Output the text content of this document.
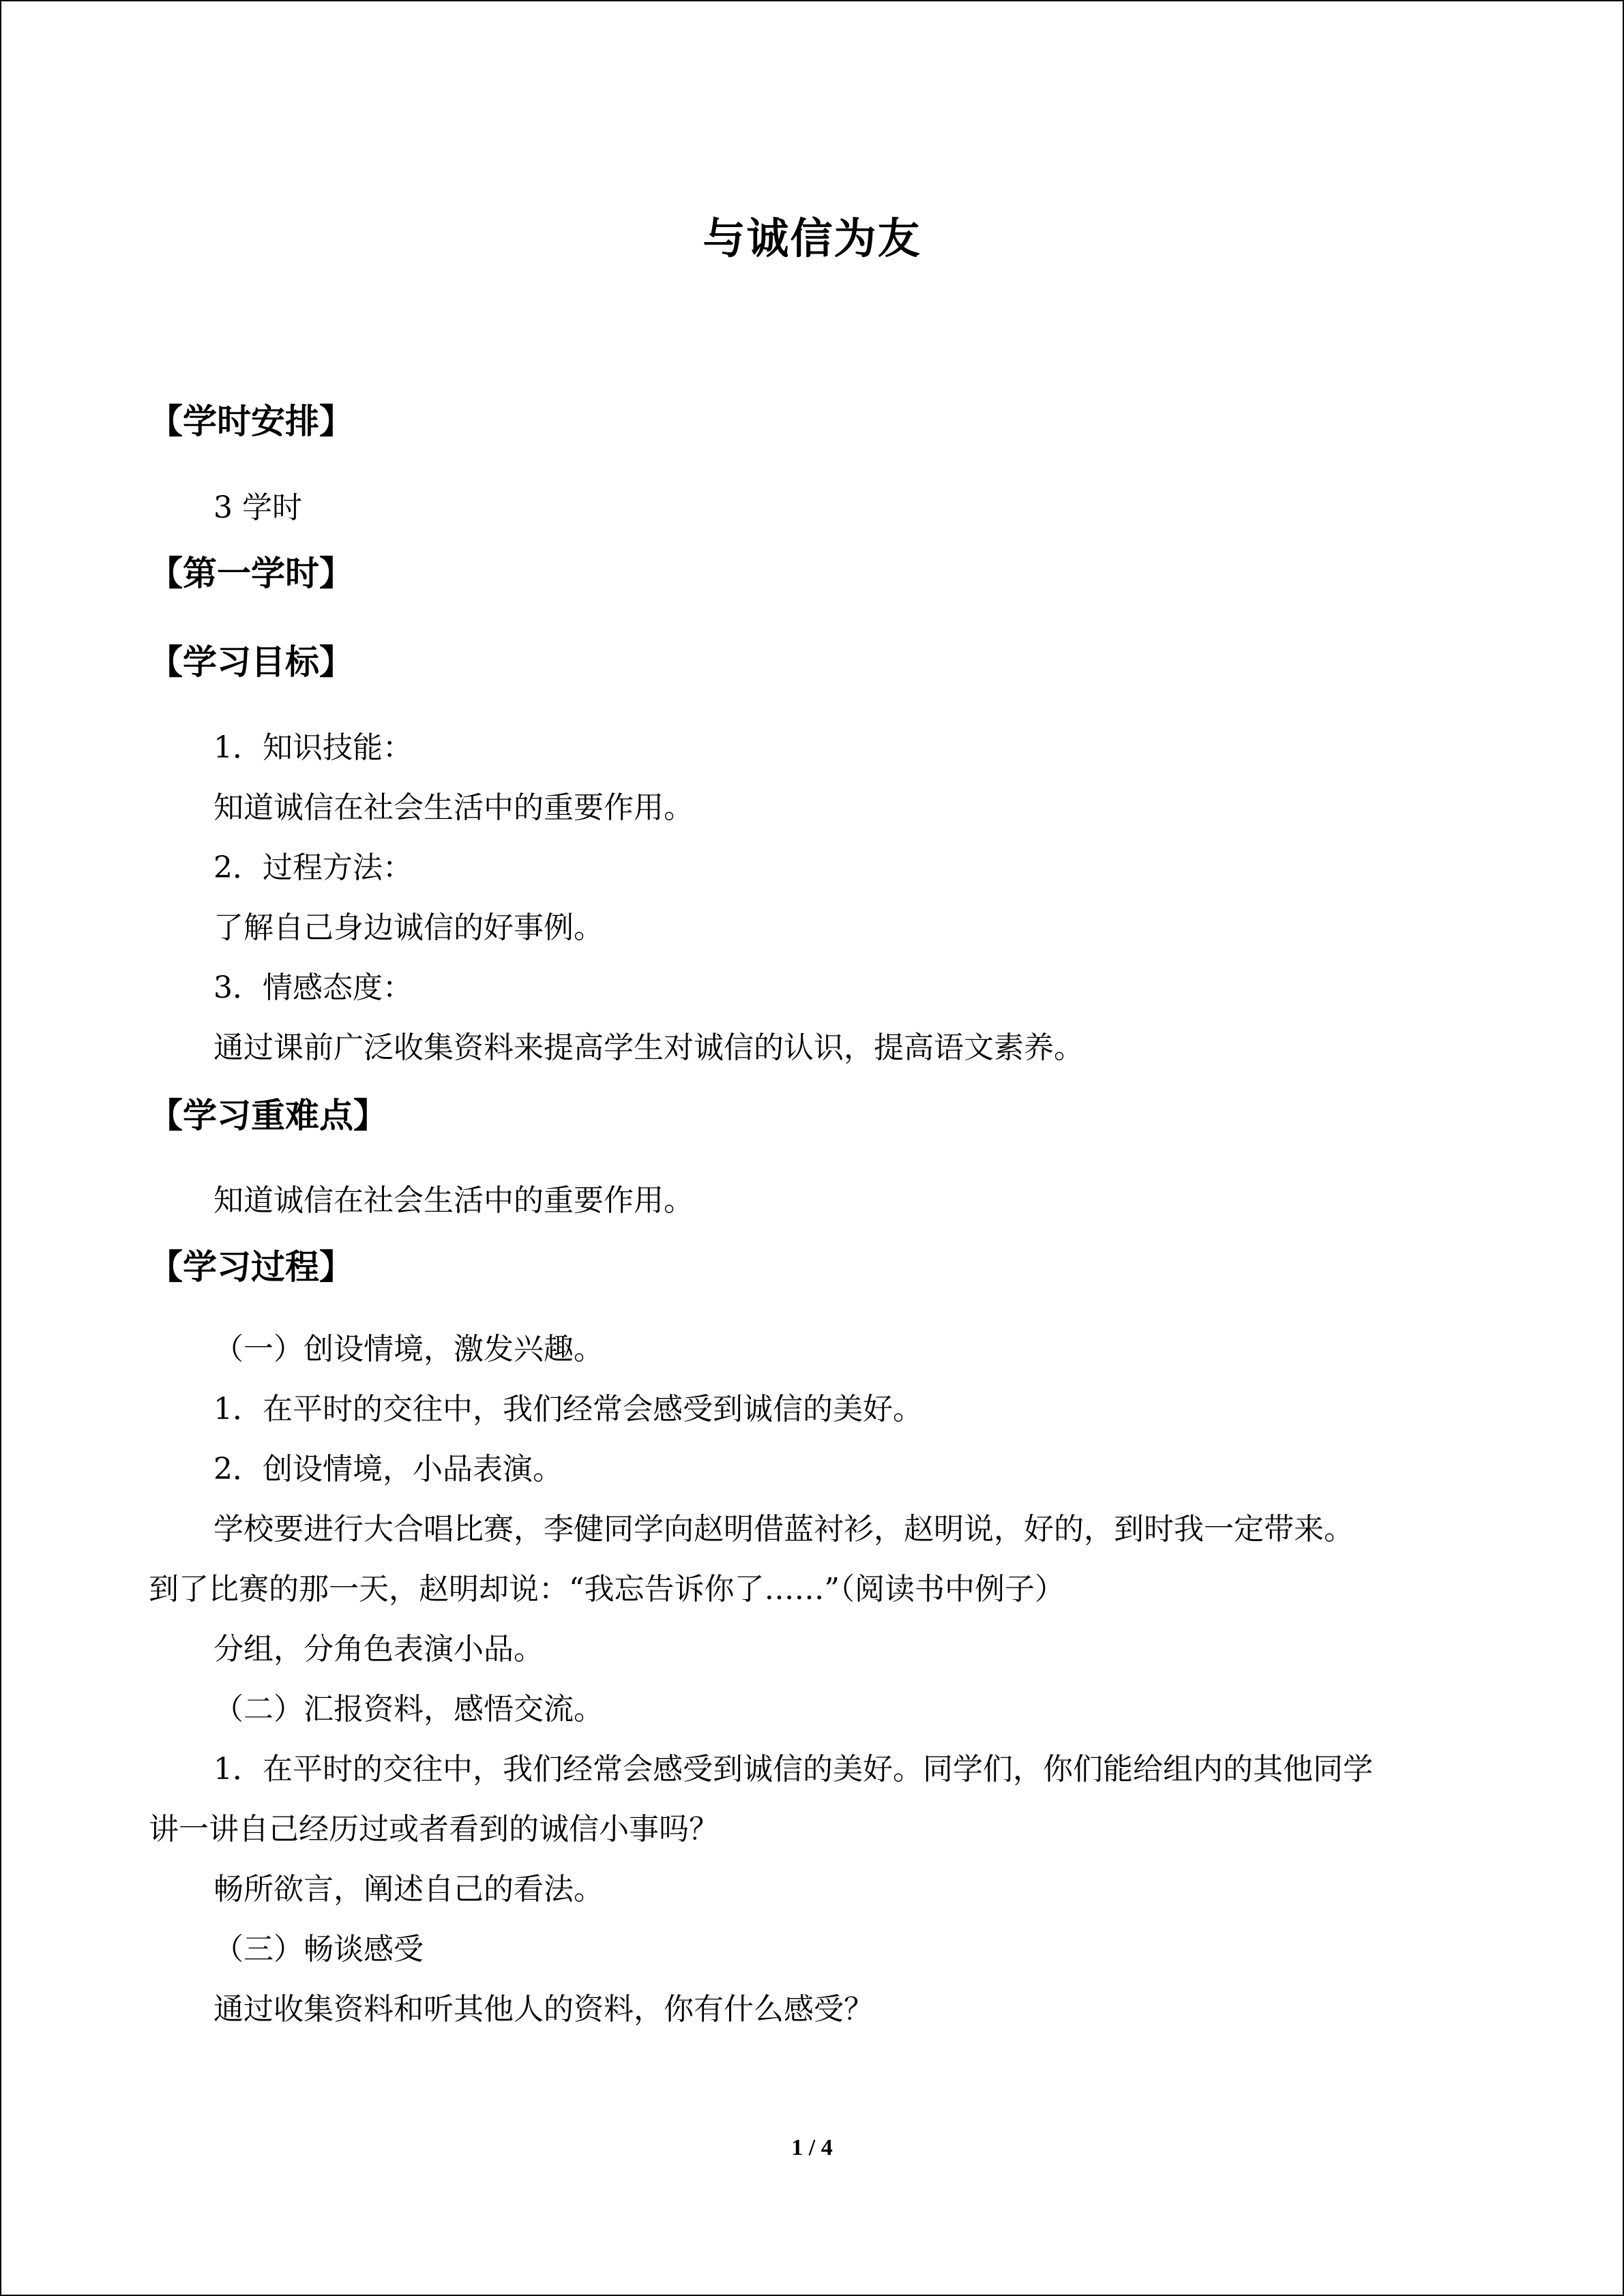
与诚信为友
【学时安排】
3 学时
【第一学时】
【学习目标】
1．知识技能：
知道诚信在社会生活中的重要作用。
2．过程方法：
了解自己身边诚信的好事例。
3．情感态度：
通过课前广泛收集资料来提高学生对诚信的认识，提高语文素养。
【学习重难点】
知道诚信在社会生活中的重要作用。
【学习过程】
（一）创设情境，激发兴趣。
1．在平时的交往中，我们经常会感受到诚信的美好。
2．创设情境，小品表演。
学校要进行大合唱比赛，李健同学向赵明借蓝衬衫，赵明说，好的，到时我一定带来。
到了比赛的那一天，赵明却说：“我忘告诉你了……”（阅读书中例子）
分组，分角色表演小品。
（二）汇报资料，感悟交流。
1．在平时的交往中，我们经常会感受到诚信的美好。同学们，你们能给组内的其他同学
讲一讲自己经历过或者看到的诚信小事吗？
畅所欲言，阐述自己的看法。
（三）畅谈感受
通过收集资料和听其他人的资料，你有什么感受？
1 / 4
